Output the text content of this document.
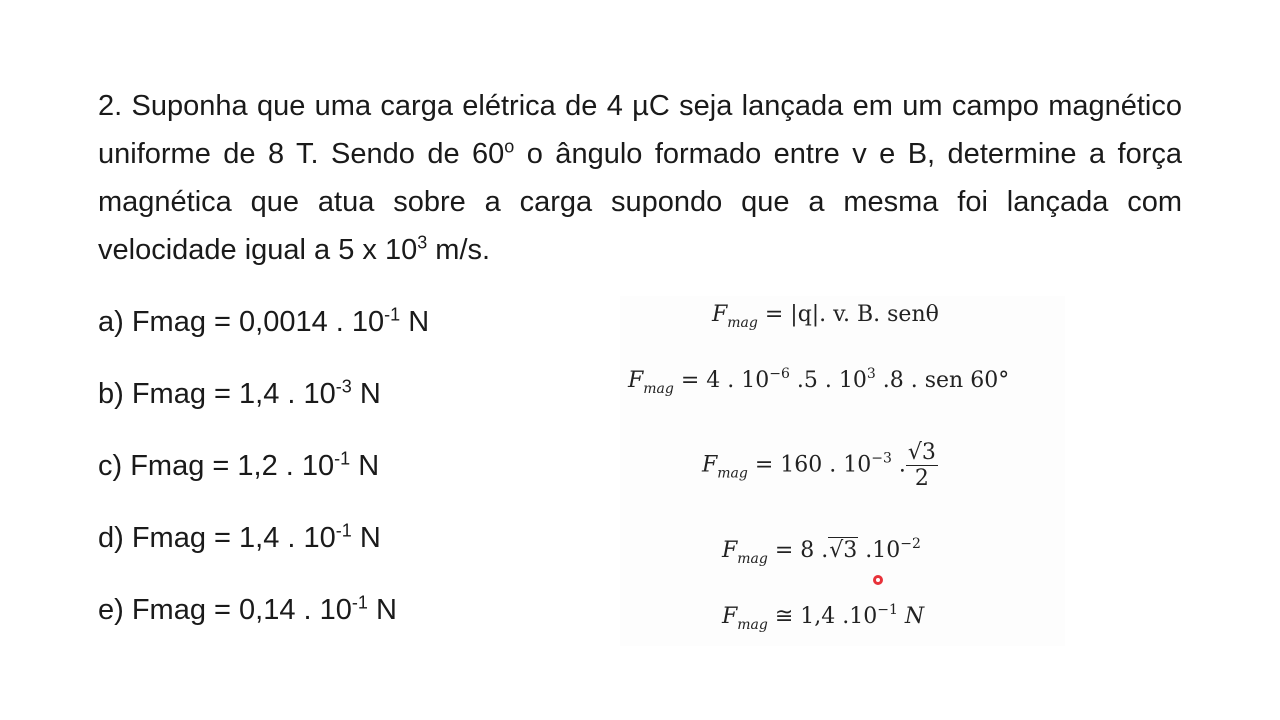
2. Suponha que uma carga elétrica de 4 µC seja lançada em um campo magnético uniforme de 8 T. Sendo de 60$^o$ o ângulo formado entre v e B, determine a força magnética que atua sobre a carga supondo que a mesma foi lançada com velocidade igual a 5 x $10^3$ m/s.
a) Fmag = 0,0014 . $10^{-1}$ N
b) Fmag = 1,4 . $10^{-3}$ N
c) Fmag = 1,2 . $10^{-1}$ N
d) Fmag = 1,4 . $10^{-1}$ N
e) Fmag = 0,14 . $10^{-1}$ N
$F_{mag} = |q|$. v. B. senθ
$F_{mag} = 4$ . $10^{-6}$ .5 . $10^3$ .8 . sen 60°
$F_{mag} = 160$ . $10^{-3}$ . $\frac{√3}{2}$
$F_{mag} = 8$ .√3 $.10^{-2}$
$F_{mag}$ ≅ 1,4 $.10^{-1}$ N
